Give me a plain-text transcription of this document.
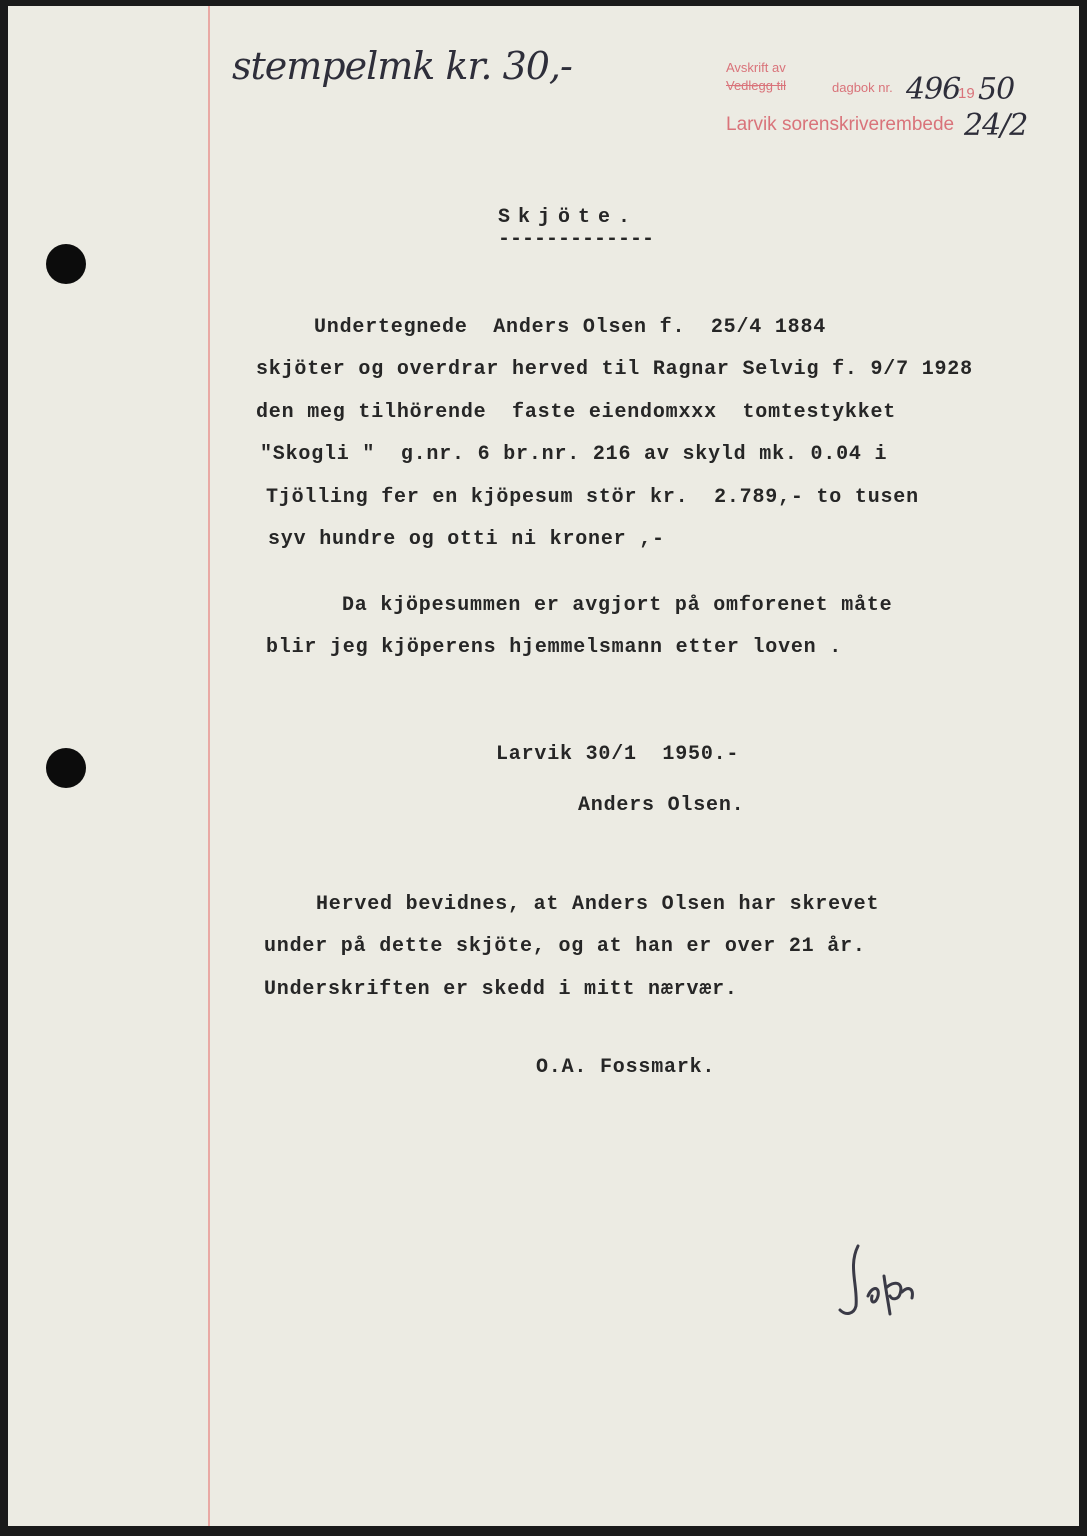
stempelmk kr. 30,-	Avskrift av
Vedlegg til	dagbok nr. 496
19 50
Larvik sorenskriverembede 24/2
Skjöte.
-------------
Undertegnede  Anders Olsen f.  25/4 1884
skjöter og overdrar herved til Ragnar Selvig f. 9/7 1928
den meg tilhörende  faste eiendomxxx  tomtestykket
"Skogli "  g.nr. 6 br.nr. 216 av skyld mk. 0.04 i
Tjölling fer en kjöpesum stör kr.  2.789,- to tusen
syv hundre og otti ni kroner ,-
Da kjöpesummen er avgjort på omforenet måte
blir jeg kjöperens hjemmelsmann etter loven .
Larvik 30/1  1950.-
Anders Olsen.
Herved bevidnes, at Anders Olsen har skrevet
under på dette skjöte, og at han er over 21 år.
Underskriften er skedd i mitt nærvær.
O.A. Fossmark.
